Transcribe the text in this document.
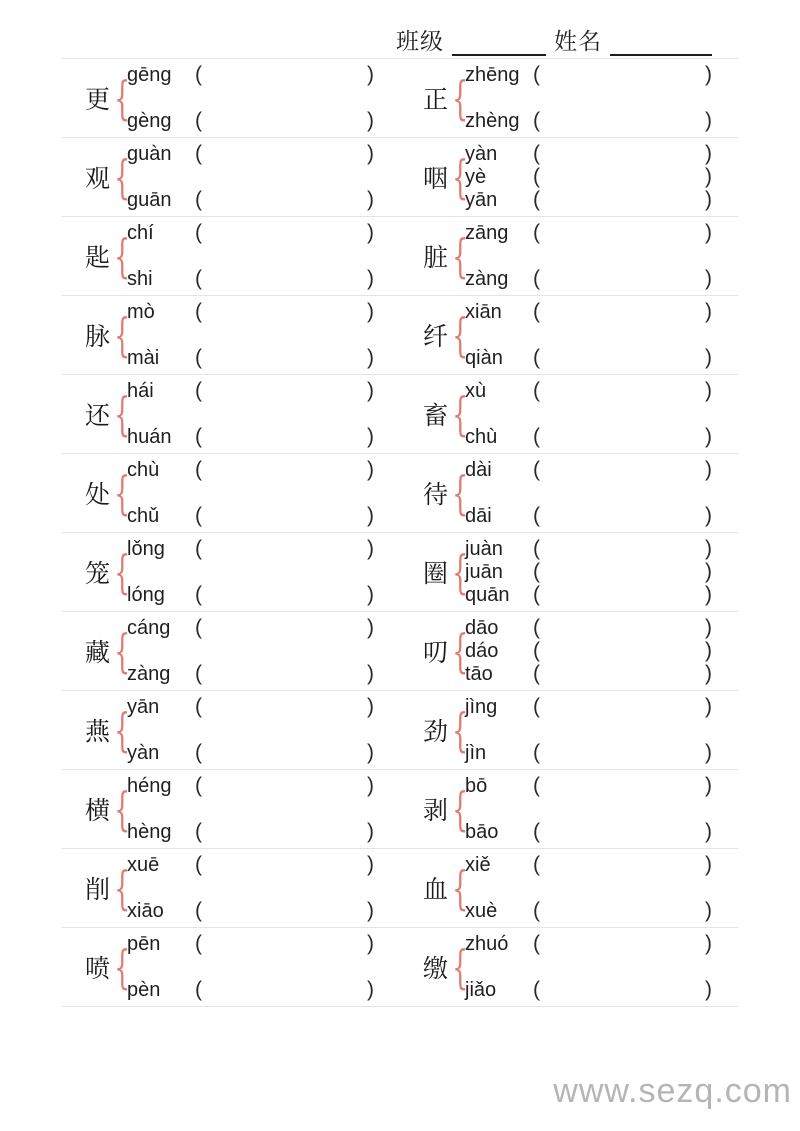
班级	姓名
更 {
gēng	(	)
gèng	(	)
正 {
zhēng (	)
zhèng (	)
观 {
guàn	(	)
guān	(	)
咽 {
yàn	(	)
yè	(	)
yān	(	)
匙 {
chí	(	)
shi	(	)
脏 {
zāng	(	)
zàng	(	)
脉 {
mò	(	)
mài	(	)
纤 {
xiān	(	)
qiàn	(	)
还 {
hái	(	)
huán	(	)
畜 {
xù	(	)
chù	(	)
处 {
chù	(	)
chǔ	(	)
待 {
dài	(	)
dāi	(	)
笼 {
lǒng	(	)
lóng	(	)
圈 {
juàn	(	)
juān	(	)
quān	(	)
藏 {
cáng	(	)
zàng	(	)
叨 {
dāo	(	)
dáo	(	)
tāo	(	)
燕 {
yān	(	)
yàn	(	)
劲 {
jìng	(	)
jìn	(	)
横 {
héng	(	)
hèng	(	)
剥 {
bō	(	)
bāo	(	)
削 {
xuē	(	)
xiāo	(	)
血 {
xiě	(	)
xuè	(	)
喷 {
pēn	(	)
pèn	(	)
缴 {
zhuó	(	)
jiǎo	(	)
www.sezq.com
